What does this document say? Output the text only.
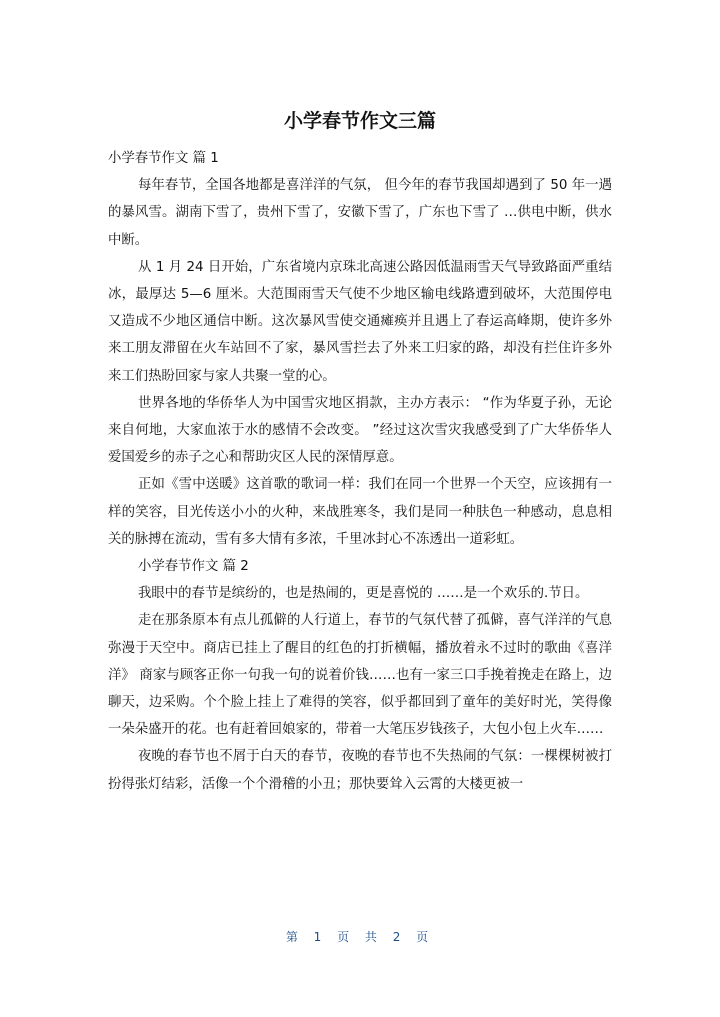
小学春节作文三篇

小学春节作文 篇 1

每年春节，全国各地都是喜洋洋的气氛， 但今年的春节我国却遇到了 50 年一遇的暴风雪。湖南下雪了，贵州下雪了，安徽下雪了，广东也下雪了 …供电中断，供水中断。

从 1 月 24 日开始，广东省境内京珠北高速公路因低温雨雪天气导致路面严重结冰，最厚达 5—6 厘米。大范围雨雪天气使不少地区输电线路遭到破坏，大范围停电又造成不少地区通信中断。这次暴风雪使交通瘫痪并且遇上了春运高峰期，使许多外来工朋友滞留在火车站回不了家，暴风雪拦去了外来工归家的路，却没有拦住许多外来工们热盼回家与家人共聚一堂的心。

世界各地的华侨华人为中国雪灾地区捐款，主办方表示： “作为华夏子孙，无论来自何地，大家血浓于水的感情不会改变。 ”经过这次雪灾我感受到了广大华侨华人爱国爱乡的赤子之心和帮助灾区人民的深情厚意。

正如《雪中送暖》这首歌的歌词一样：我们在同一个世界一个天空，应该拥有一样的笑容，目光传送小小的火种，来战胜寒冬，我们是同一种肤色一种感动，息息相关的脉搏在流动，雪有多大情有多浓，千里冰封心不冻透出一道彩虹。

小学春节作文 篇 2

我眼中的春节是缤纷的，也是热闹的，更是喜悦的 ……是一个欢乐的.节日。

走在那条原本有点儿孤僻的人行道上，春节的气氛代替了孤僻，喜气洋洋的气息弥漫于天空中。商店已挂上了醒目的红色的打折横幅，播放着永不过时的歌曲《喜洋洋》 商家与顾客正你一句我一句的说着价钱……也有一家三口手挽着挽走在路上，边聊天，边采购。个个脸上挂上了难得的笑容，似乎都回到了童年的美好时光，笑得像一朵朵盛开的花。也有赶着回娘家的，带着一大笔压岁钱孩子，大包小包上火车……

夜晚的春节也不屑于白天的春节，夜晚的春节也不失热闹的气氛：一棵棵树被打扮得张灯结彩，活像一个个滑稽的小丑；那快要耸入云霄的大楼更被一

第 1 页 共 2 页
